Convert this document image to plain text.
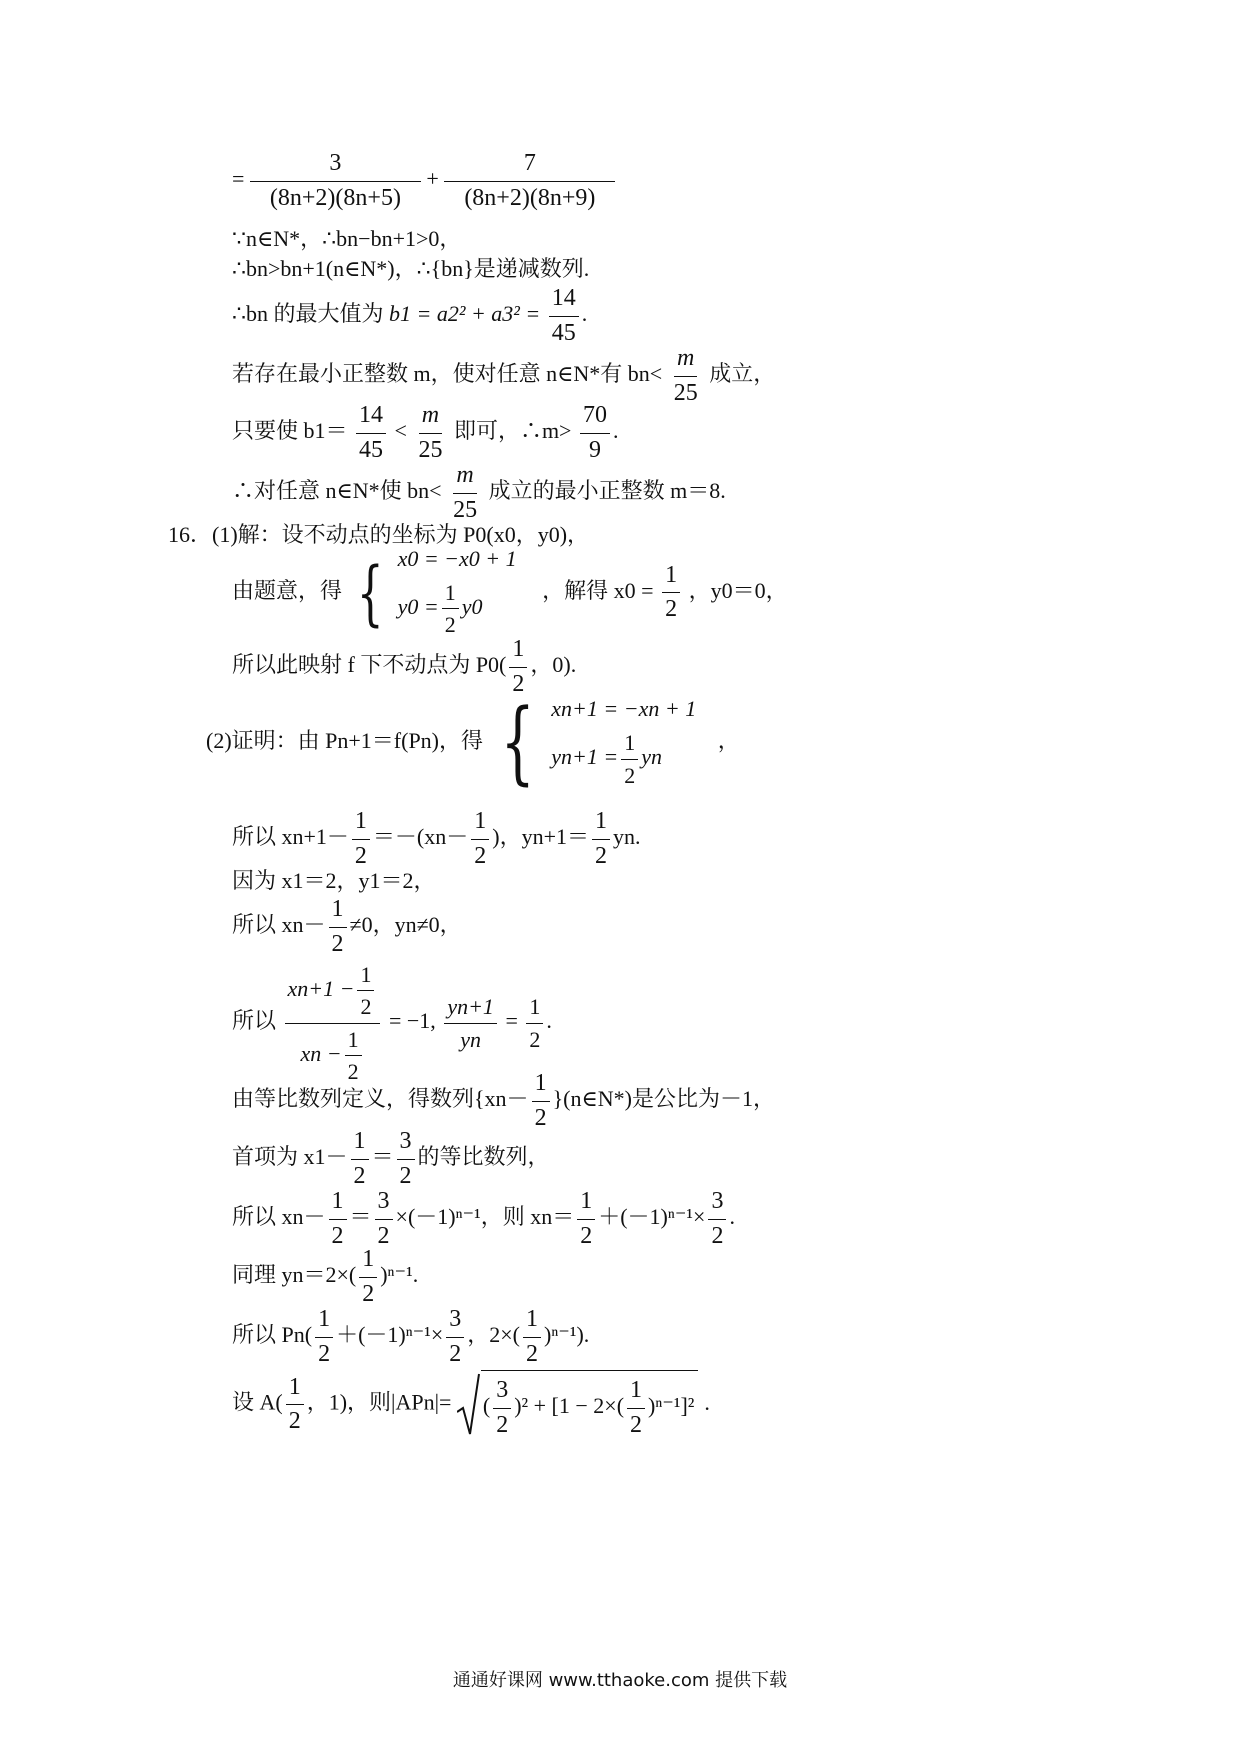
= $\frac{3}{(8n+2)(8n+5)} + \frac{7}{(8n+2)(8n+9)}$
∵n∈N*，∴bn−bn+1>0，
∴bn>bn+1(n∈N*)，∴{bn}是递减数列.
∴bn 的最大值为 $b1 = a2^2 + a3^2 = \frac{14}{45}$ .
若存在最小正整数 m，使对任意 n∈N*有 $bn< \frac{m}{25}$ 成立，
只要使 $b1= \frac{14}{45} < \frac{m}{25}$ 即可，∴m> $\frac{70}{9}$ .
∴对任意 n∈N*使 $bn< \frac{m}{25}$ 成立的最小正整数 m＝8.
16．(1)解：设不动点的坐标为 P0(x0，y0)，
由题意，得 { x0 = −x0 + 1
$y0 = \frac{1}{2} y0$
，解得 $x0 = \frac{1}{2}$ ，y0＝0，
所以此映射 f 下不动点为 $P0( \frac{1}{2}$ ，0).
(2)证明：由 Pn+1＝f(Pn)，得 { xn+1 = −xn + 1
$yn+1 = \frac{1}{2}$ yn
，
所以 $xn+1- \frac{1}{2} =-(xn- \frac{1}{2}$ )，$yn+1= \frac{1}{2}$ yn.
因为 x1＝2，y1＝2，
所以 $xn- \frac{1}{2} \ne 0$，yn≠0，
所以 $\frac{xn+1 - \frac{1}{2}}{xn - \frac{1}{2}} = -1$, $\frac{yn+1}{yn} = \frac{1}{2}$ .
由等比数列定义，得数列{$xn- \frac{1}{2}$ }(n∈N*)是公比为－1，
首项为 $x1- \frac{1}{2} = \frac{3}{2}$ 的等比数列，
所以 $xn- \frac{1}{2} = \frac{3}{2} \times(-1)^{n-1}$，则 $xn= \frac{1}{2} +(-1)^{n-1}\times \frac{3}{2}$ .
同理 $yn=2\times( \frac{1}{2} )^{n-1}$.
所以 $Pn( \frac{1}{2} +(-1)^{n-1}\times \frac{3}{2}$ ，$2\times( \frac{1}{2} )^{n-1}$).
设 $A( \frac{1}{2}$ ，1)，则|APn|= ( $\frac{3}{2} )^2 + [1 - 2\times( \frac{1}{2} )^{n-1}]^2$ .
通通好课网 www.tthaoke.com 提供下载
